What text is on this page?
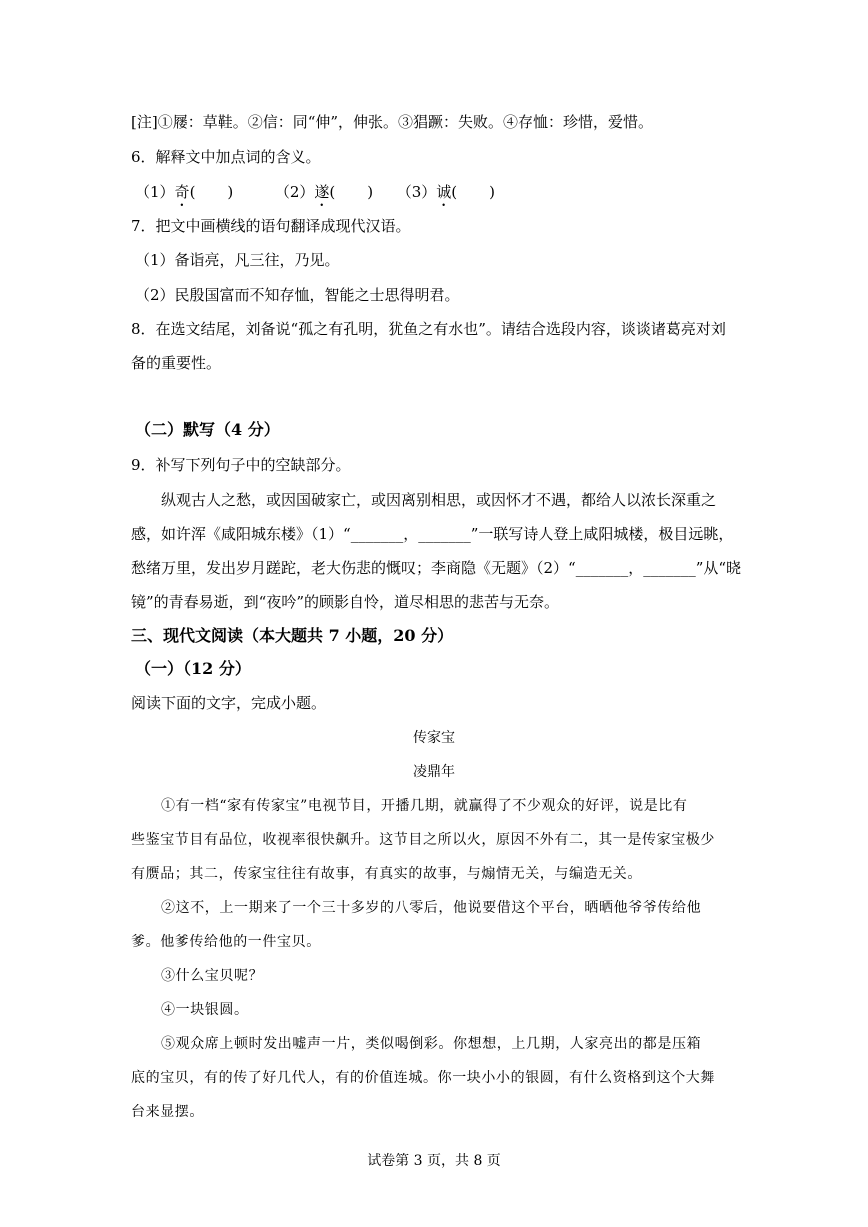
[注]①屦：草鞋。②信：同“伸”，伸张。③猖蹶：失败。④存恤：珍惜，爱惜。
6．解释文中加点词的含义。
（1）奇( )	（2）遂( ) （3）诚( )
7．把文中画横线的语句翻译成现代汉语。
（1）备诣亮，凡三往，乃见。
（2）民殷国富而不知存恤，智能之士思得明君。
8．在选文结尾，刘备说“孤之有孔明，犹鱼之有水也”。请结合选段内容，谈谈诸葛亮对刘
备的重要性。
（二）默写（4 分）
9．补写下列句子中的空缺部分。
纵观古人之愁，或因国破家亡，或因离别相思，或因怀才不遇，都给人以浓长深重之
感，如许浑《咸阳城东楼》（1）“_______，_______”一联写诗人登上咸阳城楼，极目远眺，
愁绪万里，发出岁月蹉跎，老大伤悲的慨叹；李商隐《无题》（2）“_______，_______”从“晓
镜”的青春易逝，到“夜吟”的顾影自怜，道尽相思的悲苦与无奈。
三、现代文阅读（本大题共 7 小题，20 分）
（一）（12 分）
阅读下面的文字，完成小题。
传家宝
凌鼎年
①有一档“家有传家宝”电视节目，开播几期，就赢得了不少观众的好评，说是比有
些鉴宝节目有品位，收视率很快飙升。这节目之所以火，原因不外有二，其一是传家宝极少
有赝品；其二，传家宝往往有故事，有真实的故事，与煽情无关，与编造无关。
②这不，上一期来了一个三十多岁的八零后，他说要借这个平台，晒晒他爷爷传给他
爹。他爹传给他的一件宝贝。
③什么宝贝呢？
④一块银圆。
⑤观众席上顿时发出嘘声一片，类似喝倒彩。你想想，上几期，人家亮出的都是压箱
底的宝贝，有的传了好几代人，有的价值连城。你一块小小的银圆，有什么资格到这个大舞
台来显摆。
试卷第 3 页，共 8 页
